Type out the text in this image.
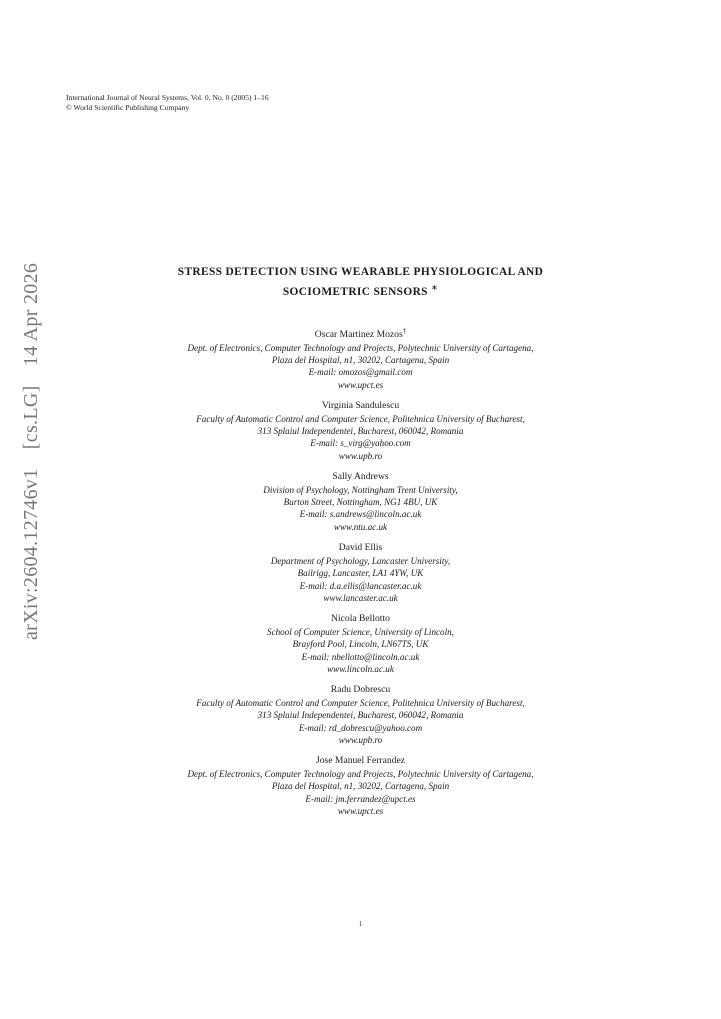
International Journal of Neural Systems, Vol. 0, No. 0 (2005) 1–16
© World Scientific Publishing Company
arXiv:2604.12746v1 [cs.LG] 14 Apr 2026	STRESS DETECTION USING WEARABLE PHYSIOLOGICAL AND
SOCIOMETRIC SENSORS ∗
Oscar Martinez Mozos†
Dept. of Electronics, Computer Technology and Projects, Polytechnic University of Cartagena,
Plaza del Hospital, n1, 30202, Cartagena, Spain
E-mail: omozos@gmail.com
www.upct.es
Virginia Sandulescu
Faculty of Automatic Control and Computer Science, Politehnica University of Bucharest,
313 Splaiul Independentei, Bucharest, 060042, Romania
E-mail: s_virg@yahoo.com
www.upb.ro
Sally Andrews
Division of Psychology, Nottingham Trent University,
Burton Street, Nottingham, NG1 4BU, UK
E-mail: s.andrews@lincoln.ac.uk
www.ntu.ac.uk
David Ellis
Department of Psychology, Lancaster University,
Bailrigg, Lancaster, LA1 4YW, UK
E-mail: d.a.ellis@lancaster.ac.uk
www.lancaster.ac.uk
Nicola Bellotto
School of Computer Science, University of Lincoln,
Brayford Pool, Lincoln, LN67TS, UK
E-mail: nbellotto@lincoln.ac.uk
www.lincoln.ac.uk
Radu Dobrescu
Faculty of Automatic Control and Computer Science, Politehnica University of Bucharest,
313 Splaiul Independentei, Bucharest, 060042, Romania
E-mail: rd_dobrescu@yahoo.com
www.upb.ro
Jose Manuel Ferrandez
Dept. of Electronics, Computer Technology and Projects, Polytechnic University of Cartagena,
Plaza del Hospital, n1, 30202, Cartagena, Spain
E-mail: jm.ferrandez@upct.es
www.upct.es
1
